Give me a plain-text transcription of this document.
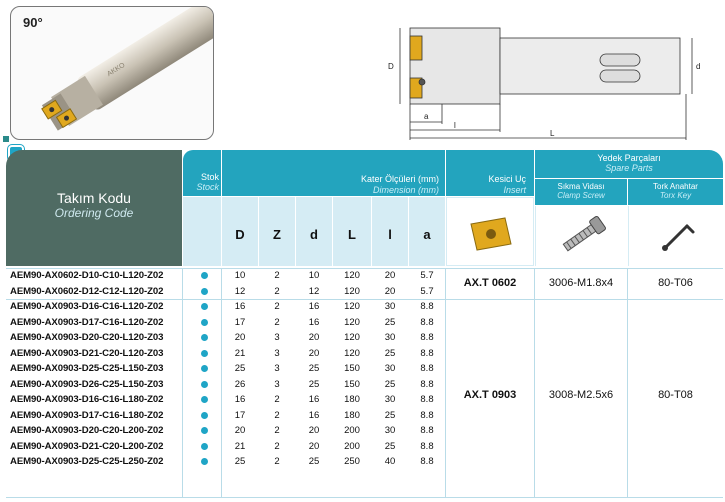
90°
AKKO	D	d
a
l
L
Takım Kodu
Ordering Code
Stok
Stock
Kater Ölçüleri (mm)
Dimension (mm)
Kesici Uç
Insert
Yedek Parçaları
Spare Parts
Sıkma Vidası
Clamp Screw
Tork Anahtar
Torx Key
D	Z	d	L	l	a
AEM90-AX0602-D10-C10-L120-Z02	10	2	10	120	20	5.7
AEM90-AX0602-D12-C12-L120-Z02	12	2	12	120	20	5.7
AEM90-AX0903-D16-C16-L120-Z02	16	2	16	120	30	8.8
AEM90-AX0903-D17-C16-L120-Z02	17	2	16	120	25	8.8
AEM90-AX0903-D20-C20-L120-Z03	20	3	20	120	30	8.8
AEM90-AX0903-D21-C20-L120-Z03	21	3	20	120	25	8.8
AEM90-AX0903-D25-C25-L150-Z03	25	3	25	150	30	8.8
AEM90-AX0903-D26-C25-L150-Z03	26	3	25	150	25	8.8
AEM90-AX0903-D16-C16-L180-Z02	16	2	16	180	30	8.8
AEM90-AX0903-D17-C16-L180-Z02	17	2	16	180	25	8.8
AEM90-AX0903-D20-C20-L200-Z02	20	2	20	200	30	8.8
AEM90-AX0903-D21-C20-L200-Z02	21	2	20	200	25	8.8
AEM90-AX0903-D25-C25-L250-Z02	25	2	25	250	40	8.8
AX.T 0602	3006-M1.8x4	80-T06
AX.T 0903	3008-M2.5x6	80-T08
